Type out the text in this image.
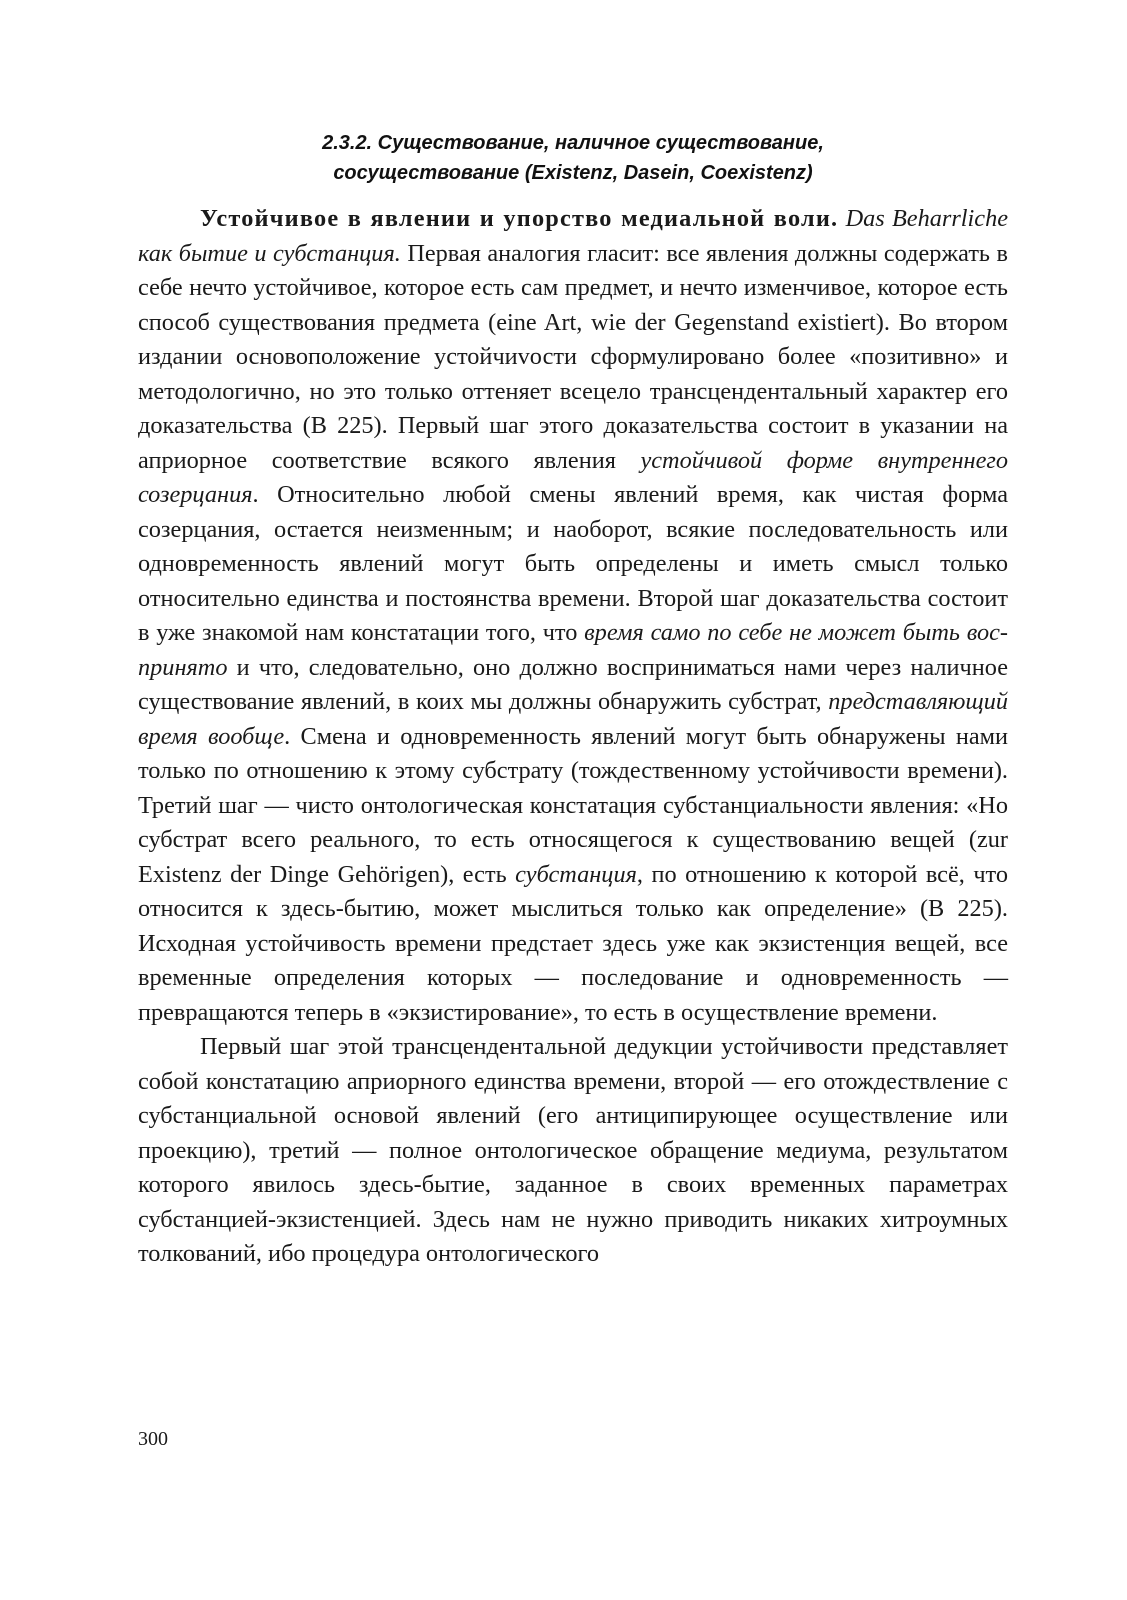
2.3.2. Существование, наличное существование,
сосуществование (Existenz, Dasein, Coexistenz)

Устойчивое в явлении и упорство медиальной воли. Das Beharrliche как бытие и субстанция. Первая аналогия гласит: все явления должны содержать в себе нечто устойчивое, которое есть сам предмет, и нечто изменчивое, которое есть способ существования предмета (eine Art, wie der Gegenstand existiert). Во втором издании основоположение устойчиvости сформулировано более «позитивно» и методологично, но это только оттеняет всецело трансцендентальный характер его доказательства (B 225). Первый шаг этого доказательства состоит в указании на априорное соответствие всякого явления устойчивой форме внутреннего созерцания. Относительно любой смены явлений время, как чистая форма созерцания, остается неизменным; и наоборот, всякие последовательность или одновременность явлений могут быть определены и иметь смысл только относительно единства и постоянства времени. Второй шаг доказательства состоит в уже знакомой нам констатации того, что время само по себе не может быть воспринято и что, следовательно, оно должно восприниматься нами через наличное существование явлений, в коих мы должны обнаружить субстрат, представляющий время вообще. Смена и одновременность явлений могут быть обнаружены нами только по отношению к этому субстрату (тождественному устойчивости времени). Третий шаг — чисто онтологическая констатация субстанциальности явления: «Но субстрат всего реального, то есть относящегося к существованию вещей (zur Existenz der Dinge Gehörigen), есть субстанция, по отношению к которой всё, что относится к здесь-бытию, может мыслиться только как определение» (B 225). Исходная устойчивость времени предстает здесь уже как экзистенция вещей, все временные определения которых — последование и одновременность — превращаются теперь в «экзистирование», то есть в осуществление времени.

Первый шаг этой трансцендентальной дедукции устойчивости представляет собой констатацию априорного единства времени, второй — его отождествление с субстанциальной основой явлений (его антиципирующее осуществление или проекцию), третий — полное онтологическое обращение медиума, результатом которого явилось здесь-бытие, заданное в своих временных параметрах субстанцией-экзистенцией. Здесь нам не нужно приводить никаких хитроумных толкований, ибо процедура онтологического

300
